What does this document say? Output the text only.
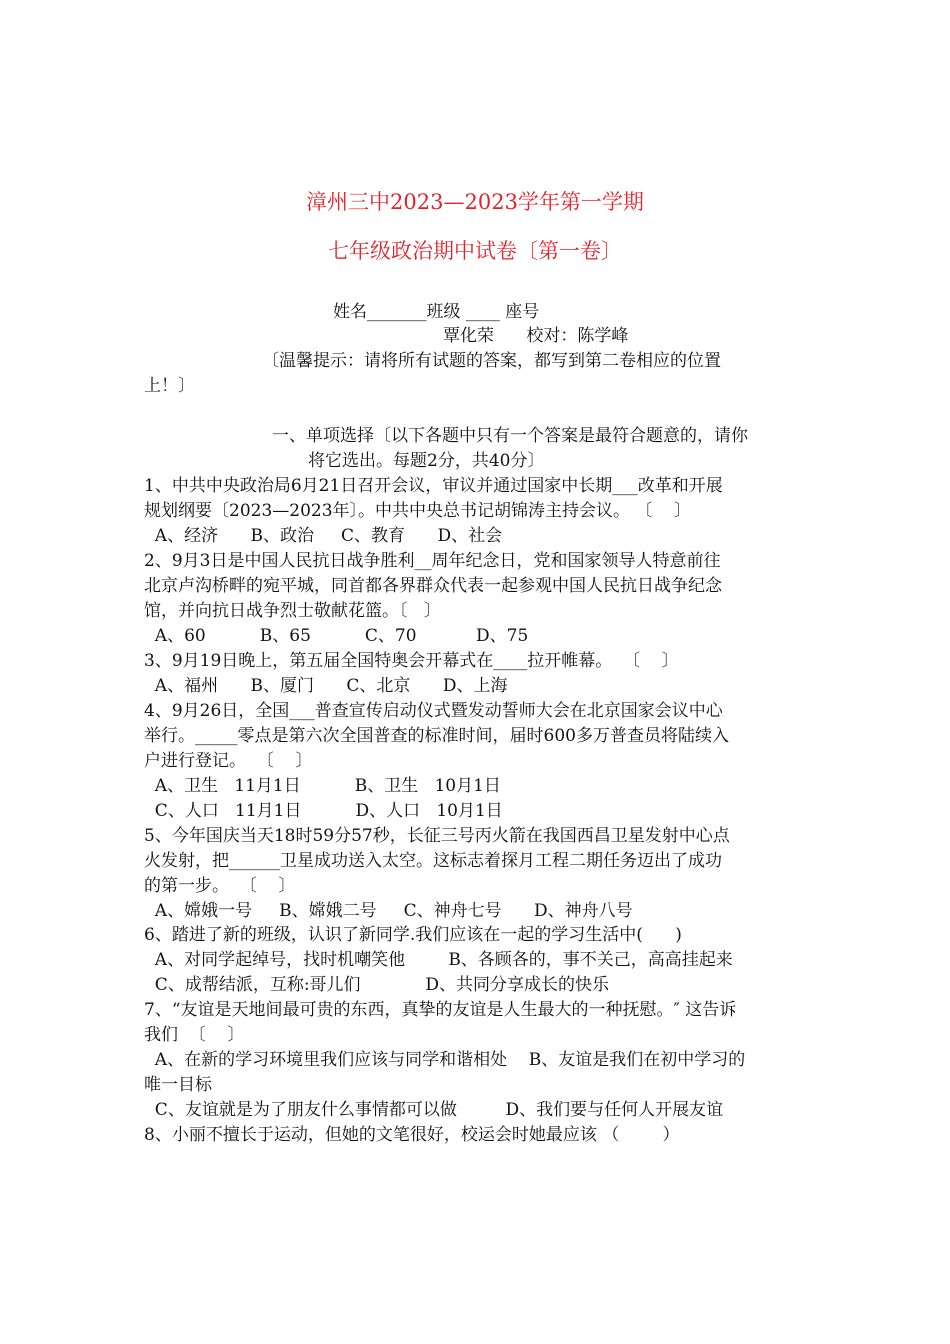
漳州三中2023—2023学年第一学期
七年级政治期中试卷〔第一卷〕
姓名_______班级 ____ 座号
覃化荣      校对：陈学峰
〔温馨提示：请将所有试题的答案，都写到第二卷相应的位置
上！〕
一、单项选择〔以下各题中只有一个答案是最符合题意的，请你
将它选出。每题2分，共40分〕
1、中共中央政治局6月21日召开会议，审议并通过国家中长期___改革和开展
规划纲要〔2023—2023年〕。中共中央总书记胡锦涛主持会议。 〔    〕
A、经济      B、政治     C、教育      D、社会
2、9月3日是中国人民抗日战争胜利__周年纪念日，党和国家领导人特意前往
北京卢沟桥畔的宛平城，同首都各界群众代表一起参观中国人民抗日战争纪念
馆，并向抗日战争烈士敬献花篮。〔   〕
A、60          B、65          C、70           D、75
3、9月19日晚上，第五届全国特奥会开幕式在____拉开帷幕。  〔    〕
A、福州      B、厦门      C、北京      D、上海
4、9月26日，全国___普查宣传启动仪式暨发动誓师大会在北京国家会议中心
举行。_____零点是第六次全国普查的标准时间，届时600多万普查员将陆续入
户进行登记。  〔    〕
A、卫生   11月1日          B、卫生   10月1日
C、人口   11月1日          D、人口   10月1日
5、今年国庆当天18时59分57秒，长征三号丙火箭在我国西昌卫星发射中心点
火发射，把______卫星成功送入太空。这标志着探月工程二期任务迈出了成功
的第一步。  〔    〕
A、嫦娥一号     B、嫦娥二号     C、神舟七号      D、神舟八号
6、踏进了新的班级，认识了新同学.我们应该在一起的学习生活中(      )
A、对同学起绰号，找时机嘲笑他        B、各顾各的，事不关己，高高挂起来
C、成帮结派，互称:哥儿们            D、共同分享成长的快乐
7、“友谊是天地间最可贵的东西，真挚的友谊是人生最大的一种抚慰。″ 这告诉
我们  〔    〕
A、在新的学习环境里我们应该与同学和谐相处    B、友谊是我们在初中学习的
唯一目标
C、友谊就是为了朋友什么事情都可以做         D、我们要与任何人开展友谊
8、小丽不擅长于运动，但她的文笔很好，校运会时她最应该 （        ）
